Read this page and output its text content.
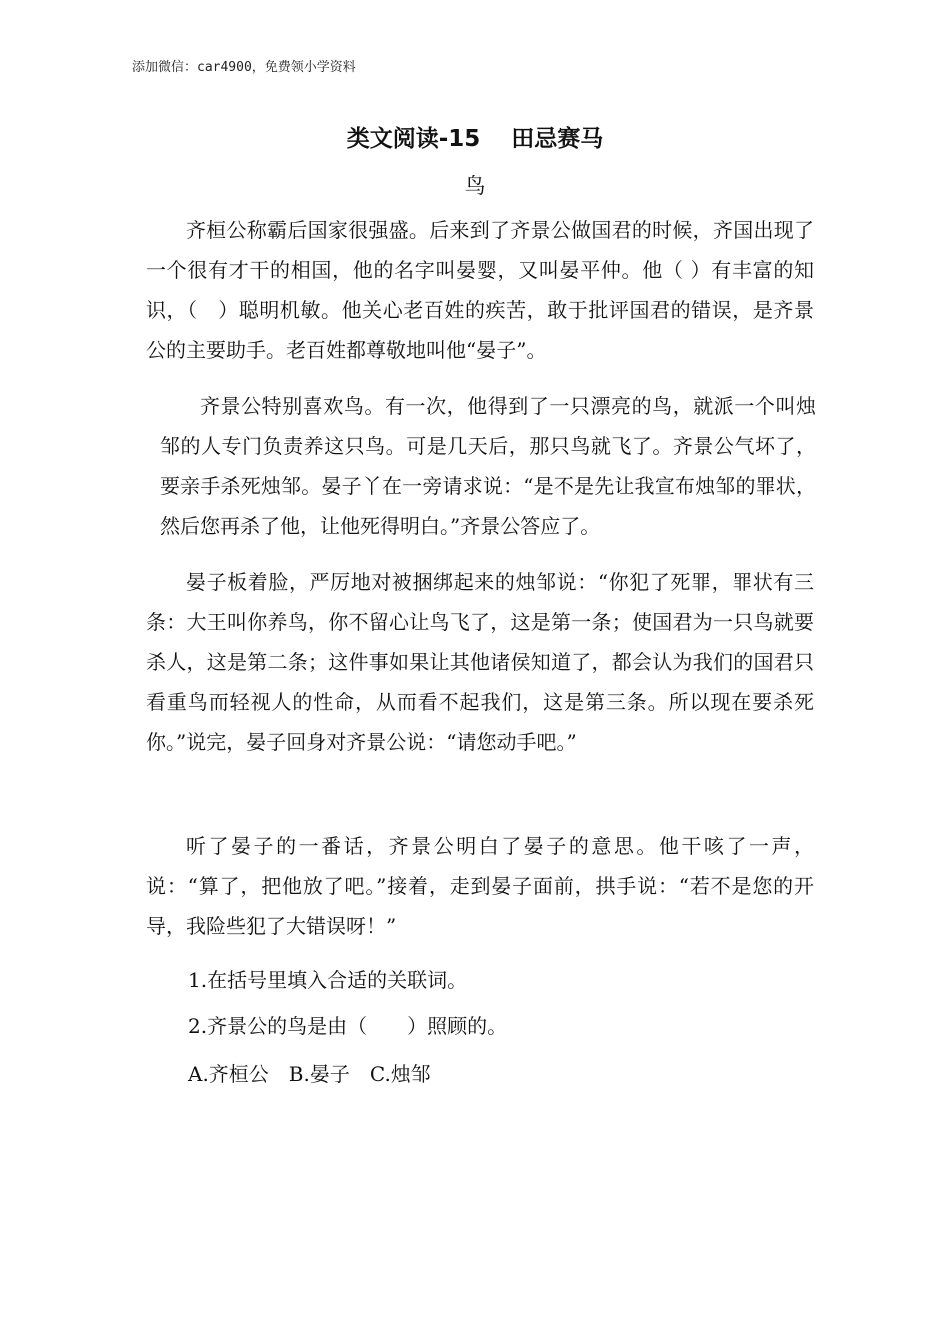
添加微信：car4900，免费领小学资料
类文阅读-15　 田忌赛马
鸟

齐桓公称霸后国家很强盛。后来到了齐景公做国君的时候，齐国出现了一个很有才干的相国，他的名字叫晏婴，又叫晏平仲。他（ ）有丰富的知识，（　）聪明机敏。他关心老百姓的疾苦，敢于批评国君的错误，是齐景公的主要助手。老百姓都尊敬地叫他“晏子”。

齐景公特别喜欢鸟。有一次，他得到了一只漂亮的鸟，就派一个叫烛邹的人专门负责养这只鸟。可是几天后，那只鸟就飞了。齐景公气坏了，要亲手杀死烛邹。晏子丫在一旁请求说：“是不是先让我宣布烛邹的罪状，然后您再杀了他，让他死得明白。”齐景公答应了。

晏子板着脸，严厉地对被捆绑起来的烛邹说：“你犯了死罪，罪状有三条：大王叫你养鸟，你不留心让鸟飞了，这是第一条；使国君为一只鸟就要杀人，这是第二条；这件事如果让其他诸侯知道了，都会认为我们的国君只看重鸟而轻视人的性命，从而看不起我们，这是第三条。所以现在要杀死你。”说完，晏子回身对齐景公说：“请您动手吧。”

听了晏子的一番话，齐景公明白了晏子的意思。他干咳了一声，说：“算了，把他放了吧。”接着，走到晏子面前，拱手说：“若不是您的开导，我险些犯了大错误呀！”

1.在括号里填入合适的关联词。

2.齐景公的鸟是由（　　）照顾的。

A.齐桓公　B.晏子　C.烛邹
